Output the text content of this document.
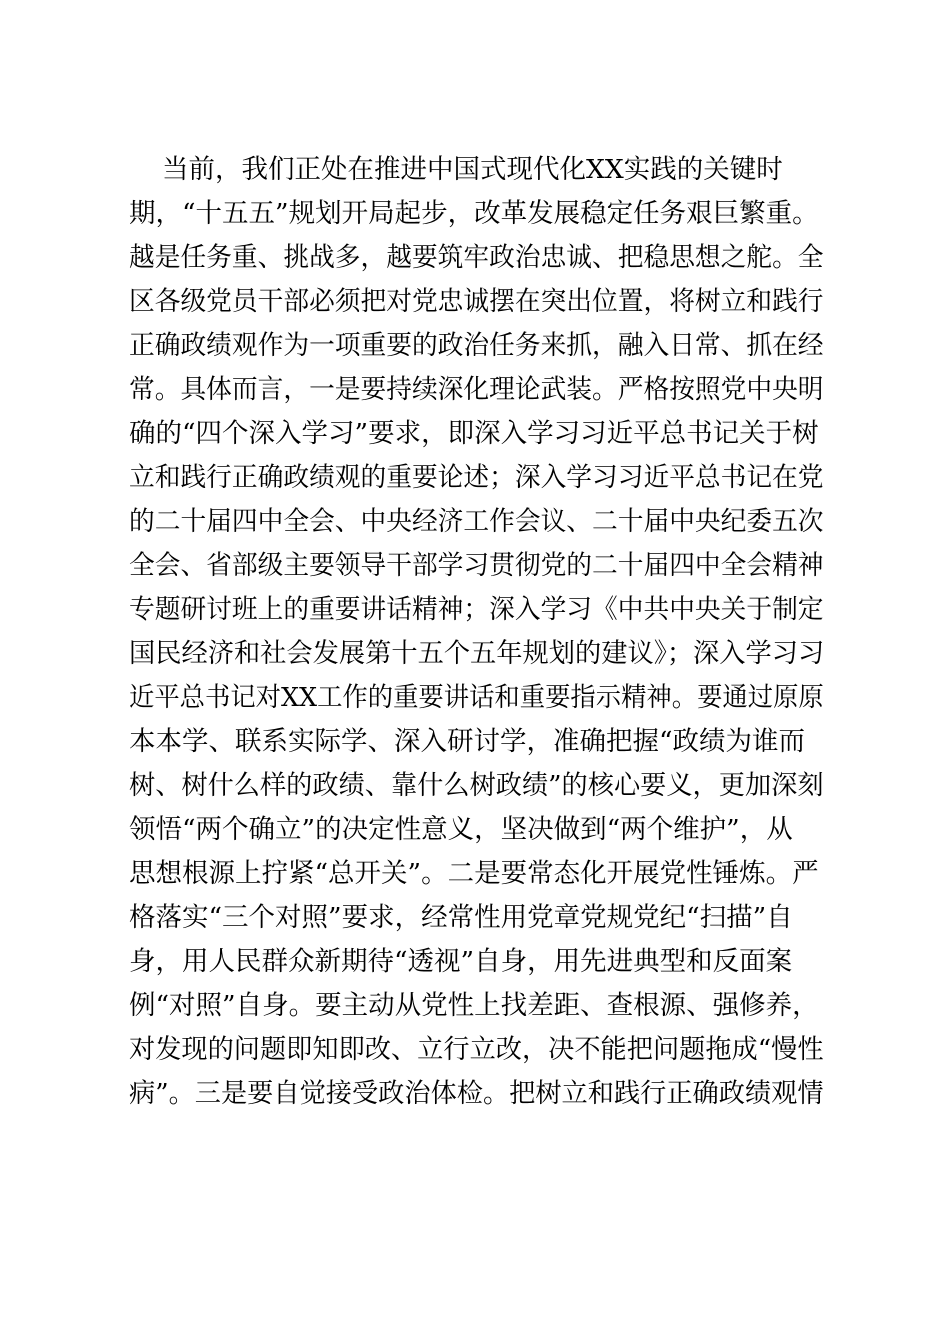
当前，我们正处在推进中国式现代化XX实践的关键时
期，“十五五”规划开局起步，改革发展稳定任务艰巨繁重。
越是任务重、挑战多，越要筑牢政治忠诚、把稳思想之舵。全
区各级党员干部必须把对党忠诚摆在突出位置，将树立和践行
正确政绩观作为一项重要的政治任务来抓，融入日常、抓在经
常。具体而言，一是要持续深化理论武装。严格按照党中央明
确的“四个深入学习”要求，即深入学习习近平总书记关于树
立和践行正确政绩观的重要论述；深入学习习近平总书记在党
的二十届四中全会、中央经济工作会议、二十届中央纪委五次
全会、省部级主要领导干部学习贯彻党的二十届四中全会精神
专题研讨班上的重要讲话精神；深入学习《中共中央关于制定
国民经济和社会发展第十五个五年规划的建议》；深入学习习
近平总书记对XX工作的重要讲话和重要指示精神。要通过原原
本本学、联系实际学、深入研讨学，准确把握“政绩为谁而
树、树什么样的政绩、靠什么树政绩”的核心要义，更加深刻
领悟“两个确立”的决定性意义，坚决做到“两个维护”，从
思想根源上拧紧“总开关”。二是要常态化开展党性锤炼。严
格落实“三个对照”要求，经常性用党章党规党纪“扫描”自
身，用人民群众新期待“透视”自身，用先进典型和反面案
例“对照”自身。要主动从党性上找差距、查根源、强修养，
对发现的问题即知即改、立行立改，决不能把问题拖成“慢性
病”。三是要自觉接受政治体检。把树立和践行正确政绩观情
